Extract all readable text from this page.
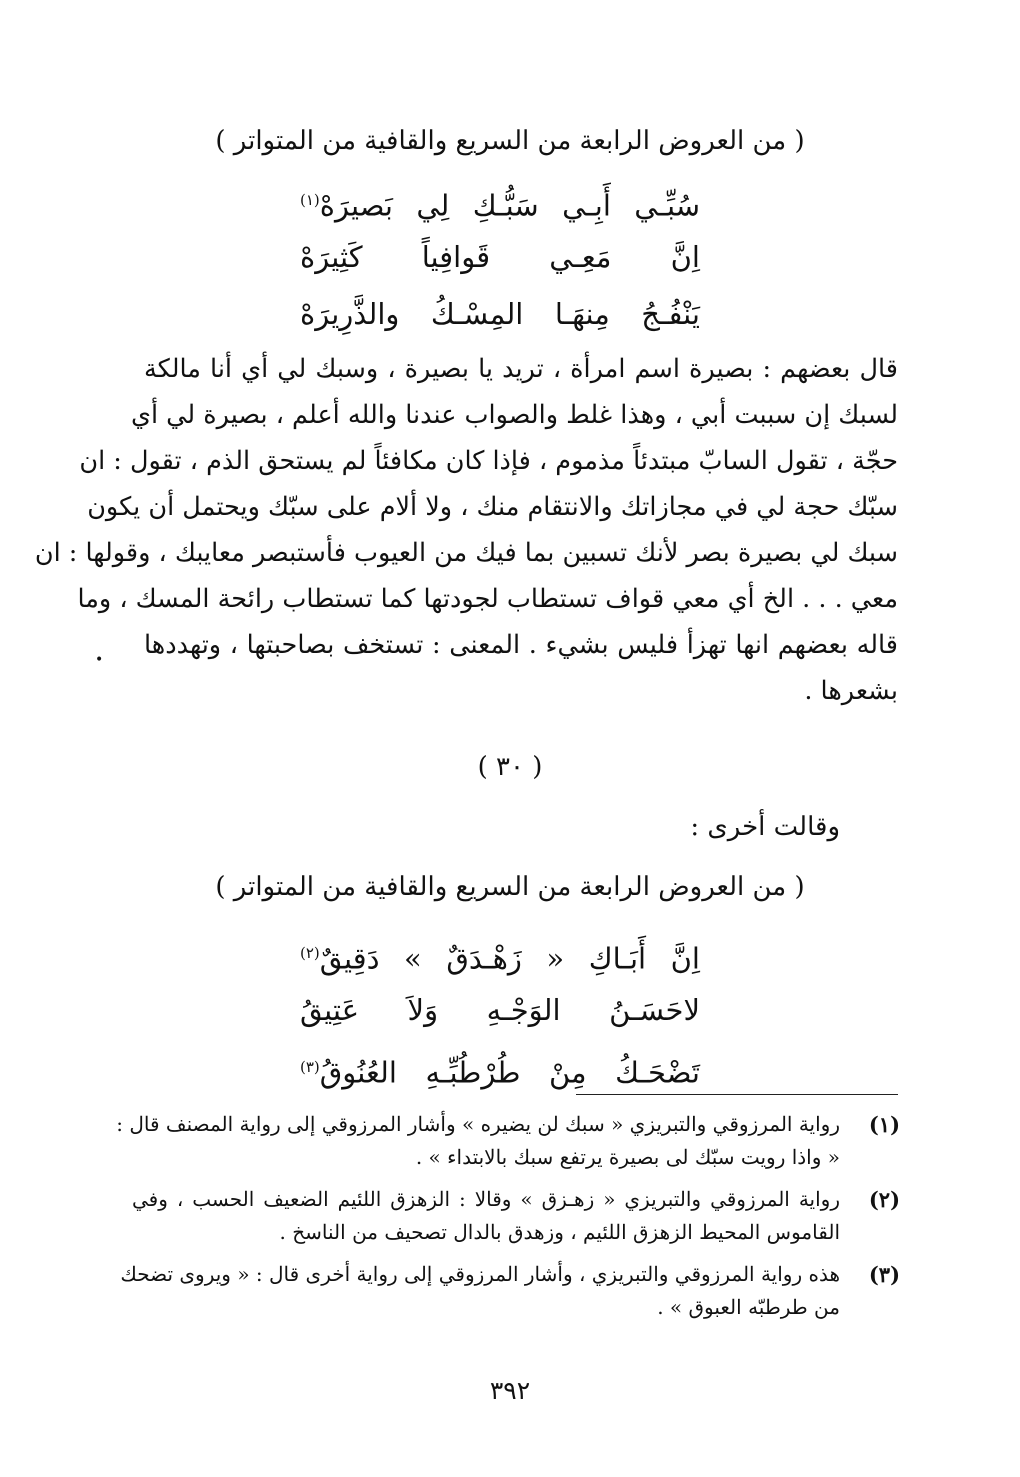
( من العروض الرابعة من السريع والقافية من المتواتر )
سُبِّـي أَبِـي سَبُّـكِ لِي بَصيرَهْ$^{(١)}$
اِنَّ مَعِـي قَوافِياً كَثِيرَهْ
يَنْفُـجُ مِنهَـا المِسْـكُ والذَّرِيرَهْ
قال بعضهم : بصيرة اسم امرأة ، تريد يا بصيرة ، وسبك لي أي أنا مالكة
لسبك إن سببت أبي ، وهذا غلط والصواب عندنا والله أعلم ، بصيرة لي أي
حجّة ، تقول السابّ مبتدئاً مذموم ، فإذا كان مكافئاً لم يستحق الذم ، تقول : ان
سبّك حجة لي في مجازاتك والانتقام منك ، ولا ألام على سبّك ويحتمل أن يكون
سبك لي بصيرة بصر لأنك تسبين بما فيك من العيوب فأستبصر معايبك ، وقولها : ان
معي . . . الخ أي معي قواف تستطاب لجودتها كما تستطاب رائحة المسك ، وما
قاله بعضهم انها تهزأ فليس بشيء . المعنى : تستخف بصاحبتها ، وتهددها
بشعرها .
•
( ٣٠ )
وقالت أخرى :
( من العروض الرابعة من السريع والقافية من المتواتر )
اِنَّ أَبَـاكِ « زَهْـدَقٌ » دَقِيقٌ$^{(٢)}$
لاحَسَـنُ الوَجْـهِ وَلاَ عَتِيقُ
تَضْحَـكُ مِنْ طُرْطُبِّـهِ العُنُوقُ$^{(٣)}$
(١)
رواية المرزوقي والتبريزي « سبك لن يضيره » وأشار المرزوقي إلى رواية المصنف قال :
« واذا رويت سبّك لى بصيرة يرتفع سبك بالابتداء » .
(٢)
رواية المرزوقي والتبريزي « زهـزق » وقالا : الزهزق اللئيم الضعيف الحسب ، وفي
القاموس المحيط الزهزق اللئيم ، وزهدق بالدال تصحيف من الناسخ .
(٣)
هذه رواية المرزوقي والتبريزي ، وأشار المرزوقي إلى رواية أخرى قال : « ويروى تضحك
من طرطبّه العبوق » .
٣٩٢
